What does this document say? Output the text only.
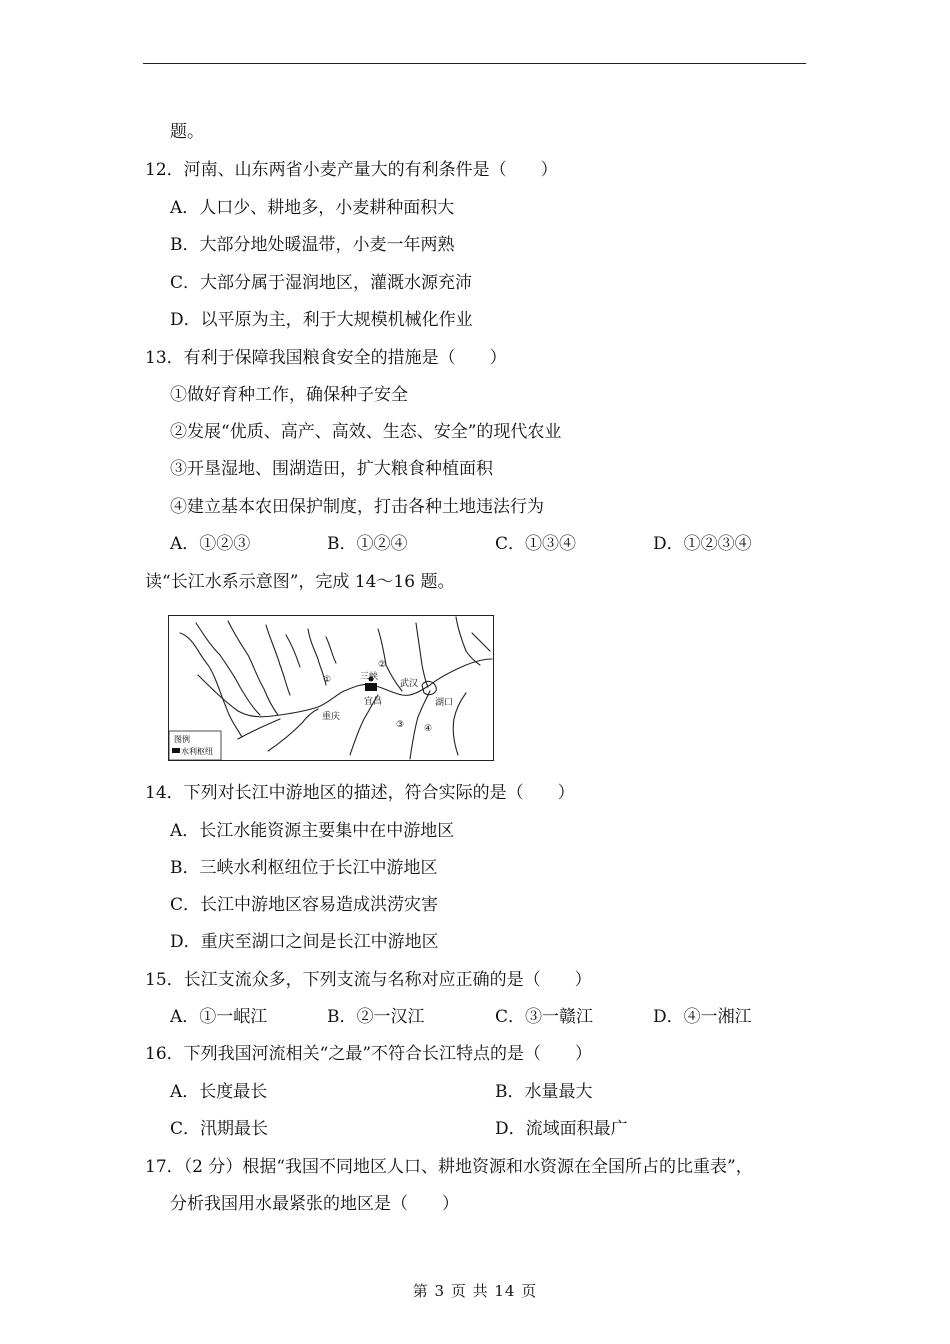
题。
12．河南、山东两省小麦产量大的有利条件是（　　）
A．人口少、耕地多，小麦耕种面积大
B．大部分地处暖温带，小麦一年两熟
C．大部分属于湿润地区，灌溉水源充沛
D．以平原为主，利于大规模机械化作业
13．有利于保障我国粮食安全的措施是（　　）
①做好育种工作，确保种子安全
②发展“优质、高产、高效、生态、安全”的现代农业
③开垦湿地、围湖造田，扩大粮食种植面积
④建立基本农田保护制度，打击各种土地违法行为
A．①②③	B．①②④	C．①③④	D．①②③④
读“长江水系示意图”，完成 14～16 题。
三峡
武汉
宜昌
重庆
湖口
①
②
③ ④
图例
水利枢纽
14．下列对长江中游地区的描述，符合实际的是（　　）
A．长江水能资源主要集中在中游地区
B．三峡水利枢纽位于长江中游地区
C．长江中游地区容易造成洪涝灾害
D．重庆至湖口之间是长江中游地区
15．长江支流众多，下列支流与名称对应正确的是（　　）
A．①一岷江	B．②一汉江	C．③一赣江	D．④一湘江
16．下列我国河流相关“之最”不符合长江特点的是（　　）
A．长度最长	B．水量最大
C．汛期最长	D．流域面积最广
17．（2 分）根据“我国不同地区人口、耕地资源和水资源在全国所占的比重表”，
分析我国用水最紧张的地区是（　　）
第 3 页 共 14 页
